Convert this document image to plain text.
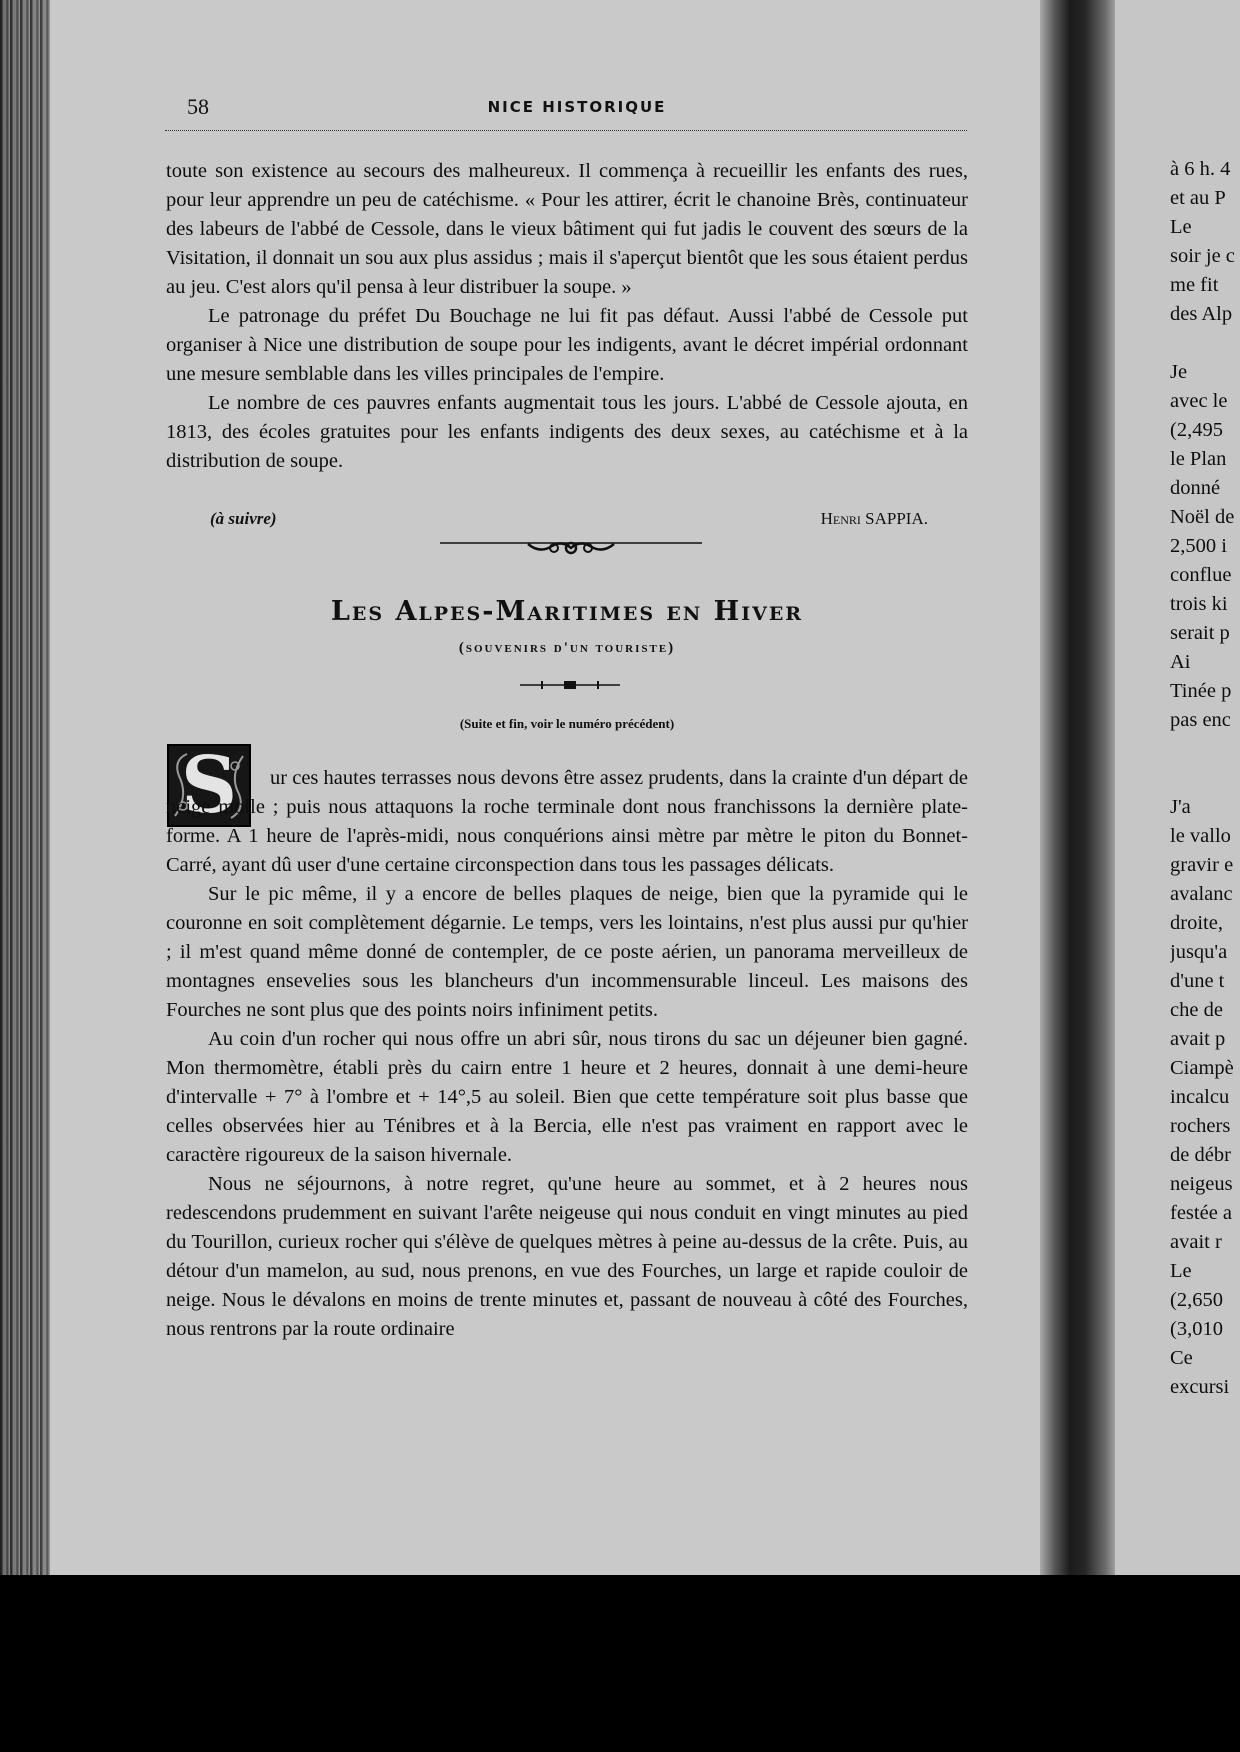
58	NICE HISTORIQUE

toute son existence au secours des malheureux. Il commença à recueillir les enfants des rues, pour leur apprendre un peu de catéchisme. « Pour les attirer, écrit le chanoine Brès, continuateur des labeurs de l'abbé de Cessole, dans le vieux bâtiment qui fut jadis le couvent des sœurs de la Visitation, il donnait un sou aux plus assidus ; mais il s'aperçut bientôt que les sous étaient perdus au jeu. C'est alors qu'il pensa à leur distribuer la soupe. »

Le patronage du préfet Du Bouchage ne lui fit pas défaut. Aussi l'abbé de Cessole put organiser à Nice une distribution de soupe pour les indigents, avant le décret impérial ordonnant une mesure semblable dans les villes principales de l'empire.

Le nombre de ces pauvres enfants augmentait tous les jours. L'abbé de Cessole ajouta, en 1813, des écoles gratuites pour les enfants indigents des deux sexes, au catéchisme et à la distribution de soupe.

(à suivre)	Henri SAPPIA.
Les Alpes-Maritimes en Hiver
(souvenirs d'un touriste)
(Suite et fin, voir le numéro précédent)
S	ur ces hautes terrasses nous devons être assez prudents, dans la crainte d'un départ de neige molle ; puis nous attaquons la roche terminale dont nous franchissons la dernière plate-forme. A 1 heure de l'après-midi, nous conquérions ainsi mètre par mètre le piton du Bonnet-Carré, ayant dû user d'une certaine circonspection dans tous les passages délicats.

Sur le pic même, il y a encore de belles plaques de neige, bien que la pyramide qui le couronne en soit complètement dégarnie. Le temps, vers les lointains, n'est plus aussi pur qu'hier ; il m'est quand même donné de contempler, de ce poste aérien, un panorama merveilleux de montagnes ensevelies sous les blancheurs d'un incommensurable linceul. Les maisons des Fourches ne sont plus que des points noirs infiniment petits.

Au coin d'un rocher qui nous offre un abri sûr, nous tirons du sac un déjeuner bien gagné. Mon thermomètre, établi près du cairn entre 1 heure et 2 heures, donnait à une demi-heure d'intervalle + 7° à l'ombre et + 14°,5 au soleil. Bien que cette température soit plus basse que celles observées hier au Ténibres et à la Bercia, elle n'est pas vraiment en rapport avec le caractère rigoureux de la saison hivernale.

Nous ne séjournons, à notre regret, qu'une heure au sommet, et à 2 heures nous redescendons prudemment en suivant l'arête neigeuse qui nous conduit en vingt minutes au pied du Tourillon, curieux rocher qui s'élève de quelques mètres à peine au-dessus de la crête. Puis, au détour d'un mamelon, au sud, nous prenons, en vue des Fourches, un large et rapide couloir de neige. Nous le dévalons en moins de trente minutes et, passant de nouveau à côté des Fourches, nous rentrons par la route ordinaire

à 6 h. 4
et au P
Le
soir je c
me fit
des Alp
Je
avec le
(2,495
le Plan
donné
Noël de
2,500 i
conflue
trois ki
serait p
Ai
Tinée p
pas enc
J'a
le vallo
gravir e
avalanc
droite,
jusqu'a
d'une t
che de
avait p
Ciampè
incalcu
rochers
de débr
neigeus
festée a
avait r
Le
(2,650
(3,010
Ce
excursi
